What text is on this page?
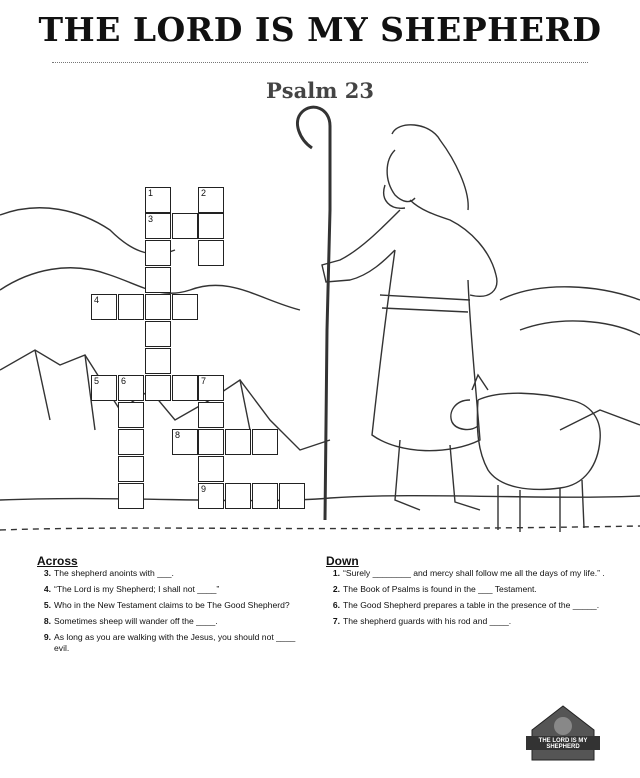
THE LORD IS MY SHEPHERD
Psalm 23
1
3
2
4
5 6	7
8
9
Across
3. The shepherd anoints with ___.
4. “The Lord is my Shepherd; I shall not ____”
5. Who in the New Testament claims to be The Good Shepherd?
8. Sometimes sheep will wander off the ____.
9. As long as you are walking with the Jesus, you should not ____ evil.
Down
1. “Surely ________ and mercy shall follow me all the days of my life.” .
2. The Book of Psalms is found in the ___ Testament.
6. The Good Shepherd prepares a table in the presence of the _____.
7. The shepherd guards with his rod and ____.
THE LORD IS MY SHEPHERD
